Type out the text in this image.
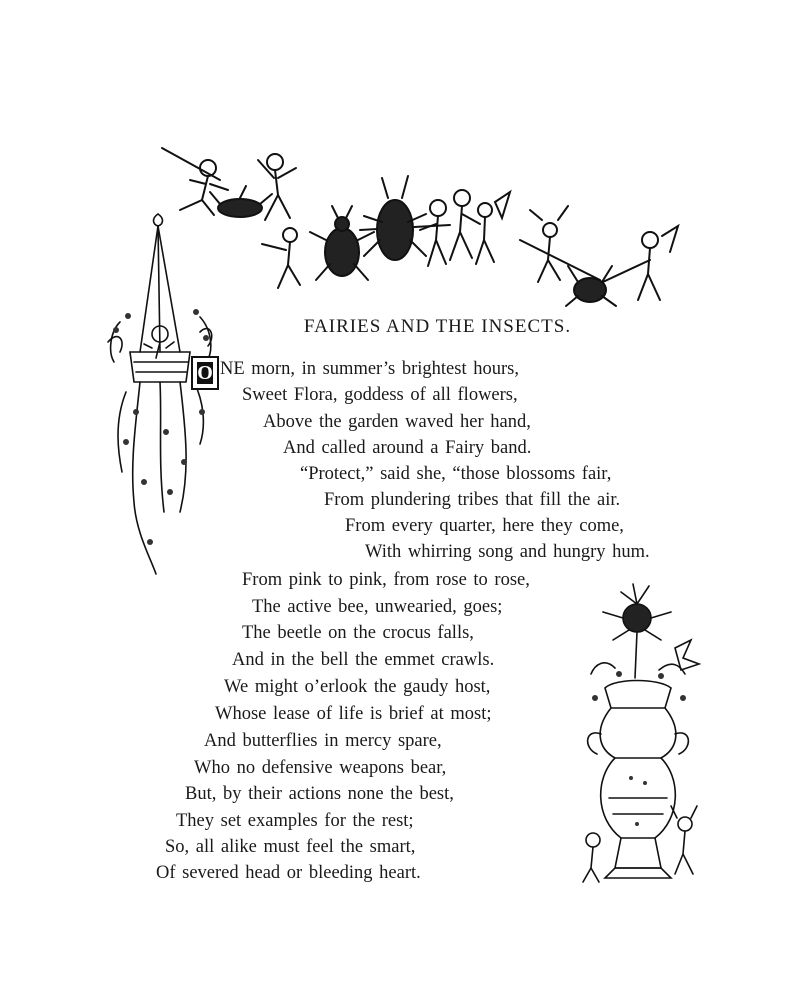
FAIRIES AND THE INSECTS.
O NE morn, in summer’s brightest hours,
Sweet Flora, goddess of all flowers,
Above the garden waved her hand,
And called around a Fairy band.
“Protect,” said she, “those blossoms fair,
From plundering tribes that fill the air.
From every quarter, here they come,
With whirring song and hungry hum.
From pink to pink, from rose to rose,
The active bee, unwearied, goes;
The beetle on the crocus falls,
And in the bell the emmet crawls.
We might o’erlook the gaudy host,
Whose lease of life is brief at most;
And butterflies in mercy spare,
Who no defensive weapons bear,
But, by their actions none the best,
They set examples for the rest;
So, all alike must feel the smart,
Of severed head or bleeding heart.
